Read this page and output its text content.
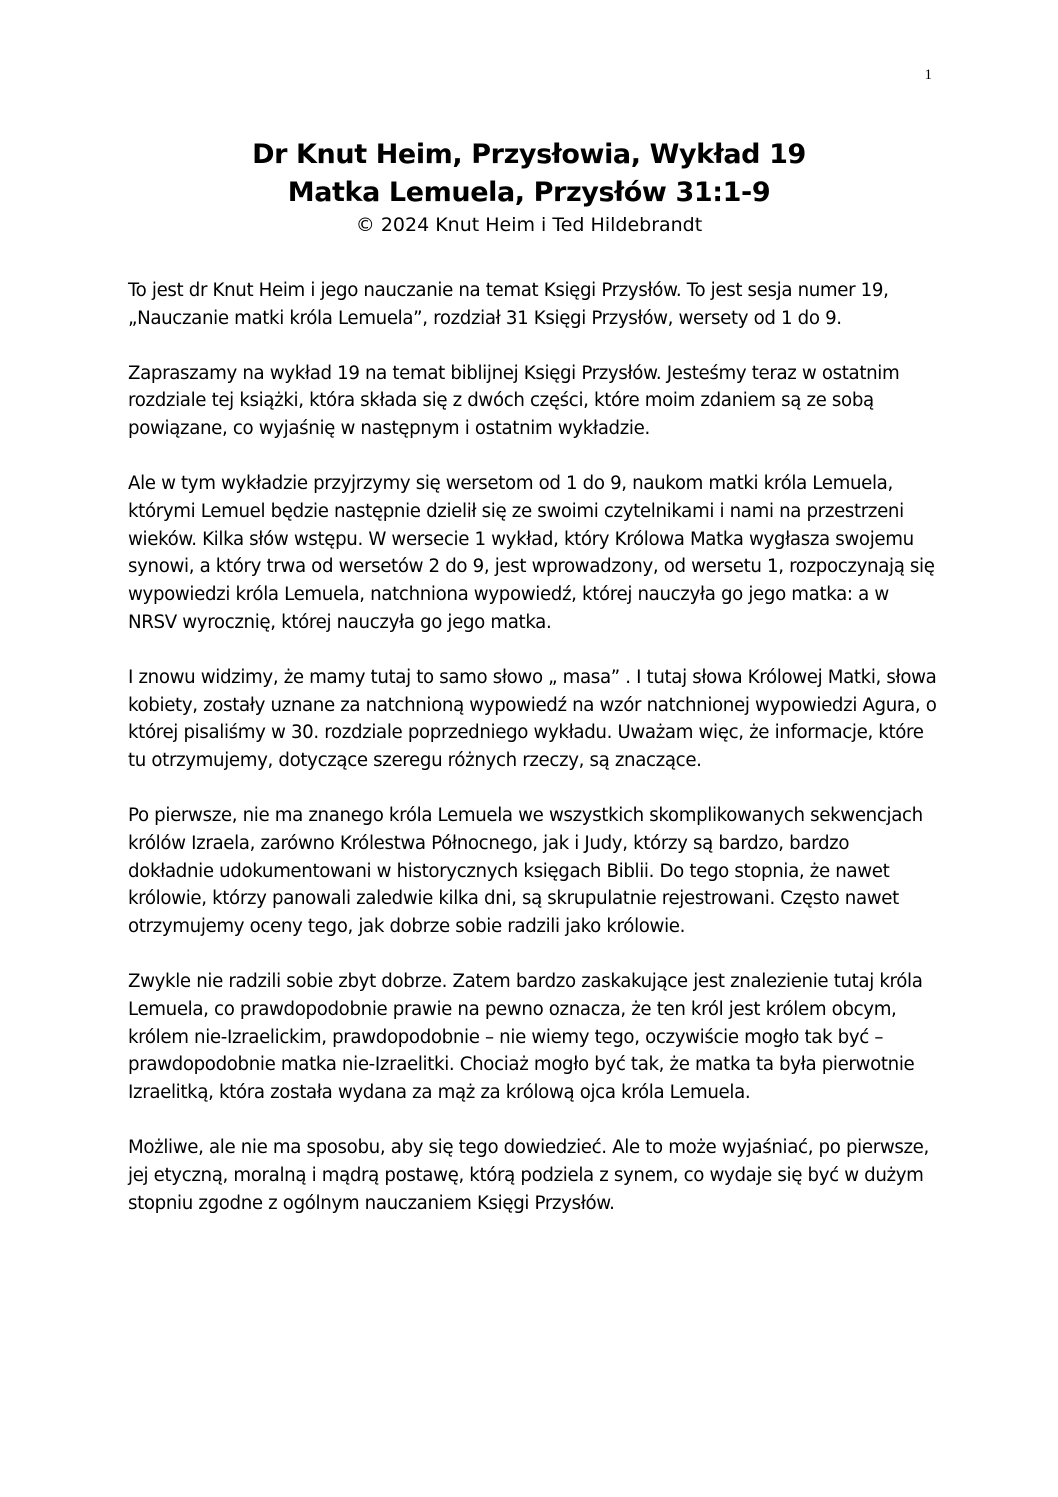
1
Dr Knut Heim, Przysłowia, Wykład 19
Matka Lemuela, Przysłów 31:1-9
© 2024 Knut Heim i Ted Hildebrandt

To jest dr Knut Heim i jego nauczanie na temat Księgi Przysłów. To jest sesja numer 19, „Nauczanie matki króla Lemuela”, rozdział 31 Księgi Przysłów, wersety od 1 do 9.

Zapraszamy na wykład 19 na temat biblijnej Księgi Przysłów. Jesteśmy teraz w ostatnim rozdziale tej książki, która składa się z dwóch części, które moim zdaniem są ze sobą powiązane, co wyjaśnię w następnym i ostatnim wykładzie.

Ale w tym wykładzie przyjrzymy się wersetom od 1 do 9, naukom matki króla Lemuela, którymi Lemuel będzie następnie dzielił się ze swoimi czytelnikami i nami na przestrzeni wieków. Kilka słów wstępu. W wersecie 1 wykład, który Królowa Matka wygłasza swojemu synowi, a który trwa od wersetów 2 do 9, jest wprowadzony, od wersetu 1, rozpoczynają się wypowiedzi króla Lemuela, natchniona wypowiedź, której nauczyła go jego matka: a w NRSV wyrocznię, której nauczyła go jego matka.

I znowu widzimy, że mamy tutaj to samo słowo „ masa” . I tutaj słowa Królowej Matki, słowa kobiety, zostały uznane za natchnioną wypowiedź na wzór natchnionej wypowiedzi Agura, o której pisaliśmy w 30. rozdziale poprzedniego wykładu. Uważam więc, że informacje, które tu otrzymujemy, dotyczące szeregu różnych rzeczy, są znaczące.

Po pierwsze, nie ma znanego króla Lemuela we wszystkich skomplikowanych sekwencjach królów Izraela, zarówno Królestwa Północnego, jak i Judy, którzy są bardzo, bardzo dokładnie udokumentowani w historycznych księgach Biblii. Do tego stopnia, że nawet królowie, którzy panowali zaledwie kilka dni, są skrupulatnie rejestrowani. Często nawet otrzymujemy oceny tego, jak dobrze sobie radzili jako królowie.

Zwykle nie radzili sobie zbyt dobrze. Zatem bardzo zaskakujące jest znalezienie tutaj króla Lemuela, co prawdopodobnie prawie na pewno oznacza, że ten król jest królem obcym, królem nie-Izraelickim, prawdopodobnie – nie wiemy tego, oczywiście mogło tak być – prawdopodobnie matka nie-Izraelitki. Chociaż mogło być tak, że matka ta była pierwotnie Izraelitką, która została wydana za mąż za królową ojca króla Lemuela.

Możliwe, ale nie ma sposobu, aby się tego dowiedzieć. Ale to może wyjaśniać, po pierwsze, jej etyczną, moralną i mądrą postawę, którą podziela z synem, co wydaje się być w dużym stopniu zgodne z ogólnym nauczaniem Księgi Przysłów.
